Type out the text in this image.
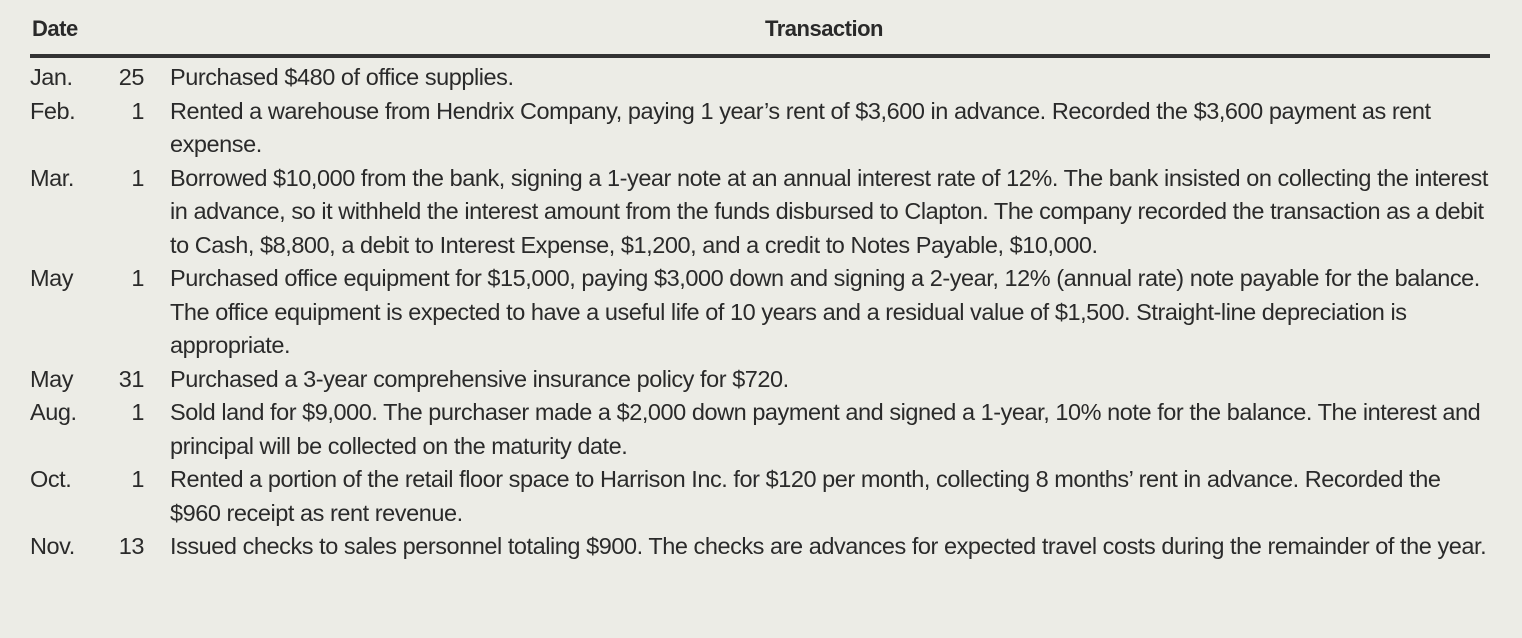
Date	Transaction
Jan.	25	Purchased $480 of office supplies.
Feb.	1	Rented a warehouse from Hendrix Company, paying 1 year’s rent of $3,600 in advance. Recorded the $3,600 payment as rent expense.
Mar.	1	Borrowed $10,000 from the bank, signing a 1-year note at an annual interest rate of 12%. The bank insisted on collecting the interest in advance, so it withheld the interest amount from the funds disbursed to Clapton. The company recorded the transaction as a debit to Cash, $8,800, a debit to Interest Expense, $1,200, and a credit to Notes Payable, $10,000.
May	1	Purchased office equipment for $15,000, paying $3,000 down and signing a 2-year, 12% (annual rate) note payable for the balance. The office equipment is expected to have a useful life of 10 years and a residual value of $1,500. Straight-line depreciation is appropriate.
May	31	Purchased a 3-year comprehensive insurance policy for $720.
Aug.	1	Sold land for $9,000. The purchaser made a $2,000 down payment and signed a 1-year, 10% note for the balance. The interest and principal will be collected on the maturity date.
Oct.	1	Rented a portion of the retail floor space to Harrison Inc. for $120 per month, collecting 8 months’ rent in advance. Recorded the $960 receipt as rent revenue.
Nov.	13	Issued checks to sales personnel totaling $900. The checks are advances for expected travel costs during the remainder of the year.
